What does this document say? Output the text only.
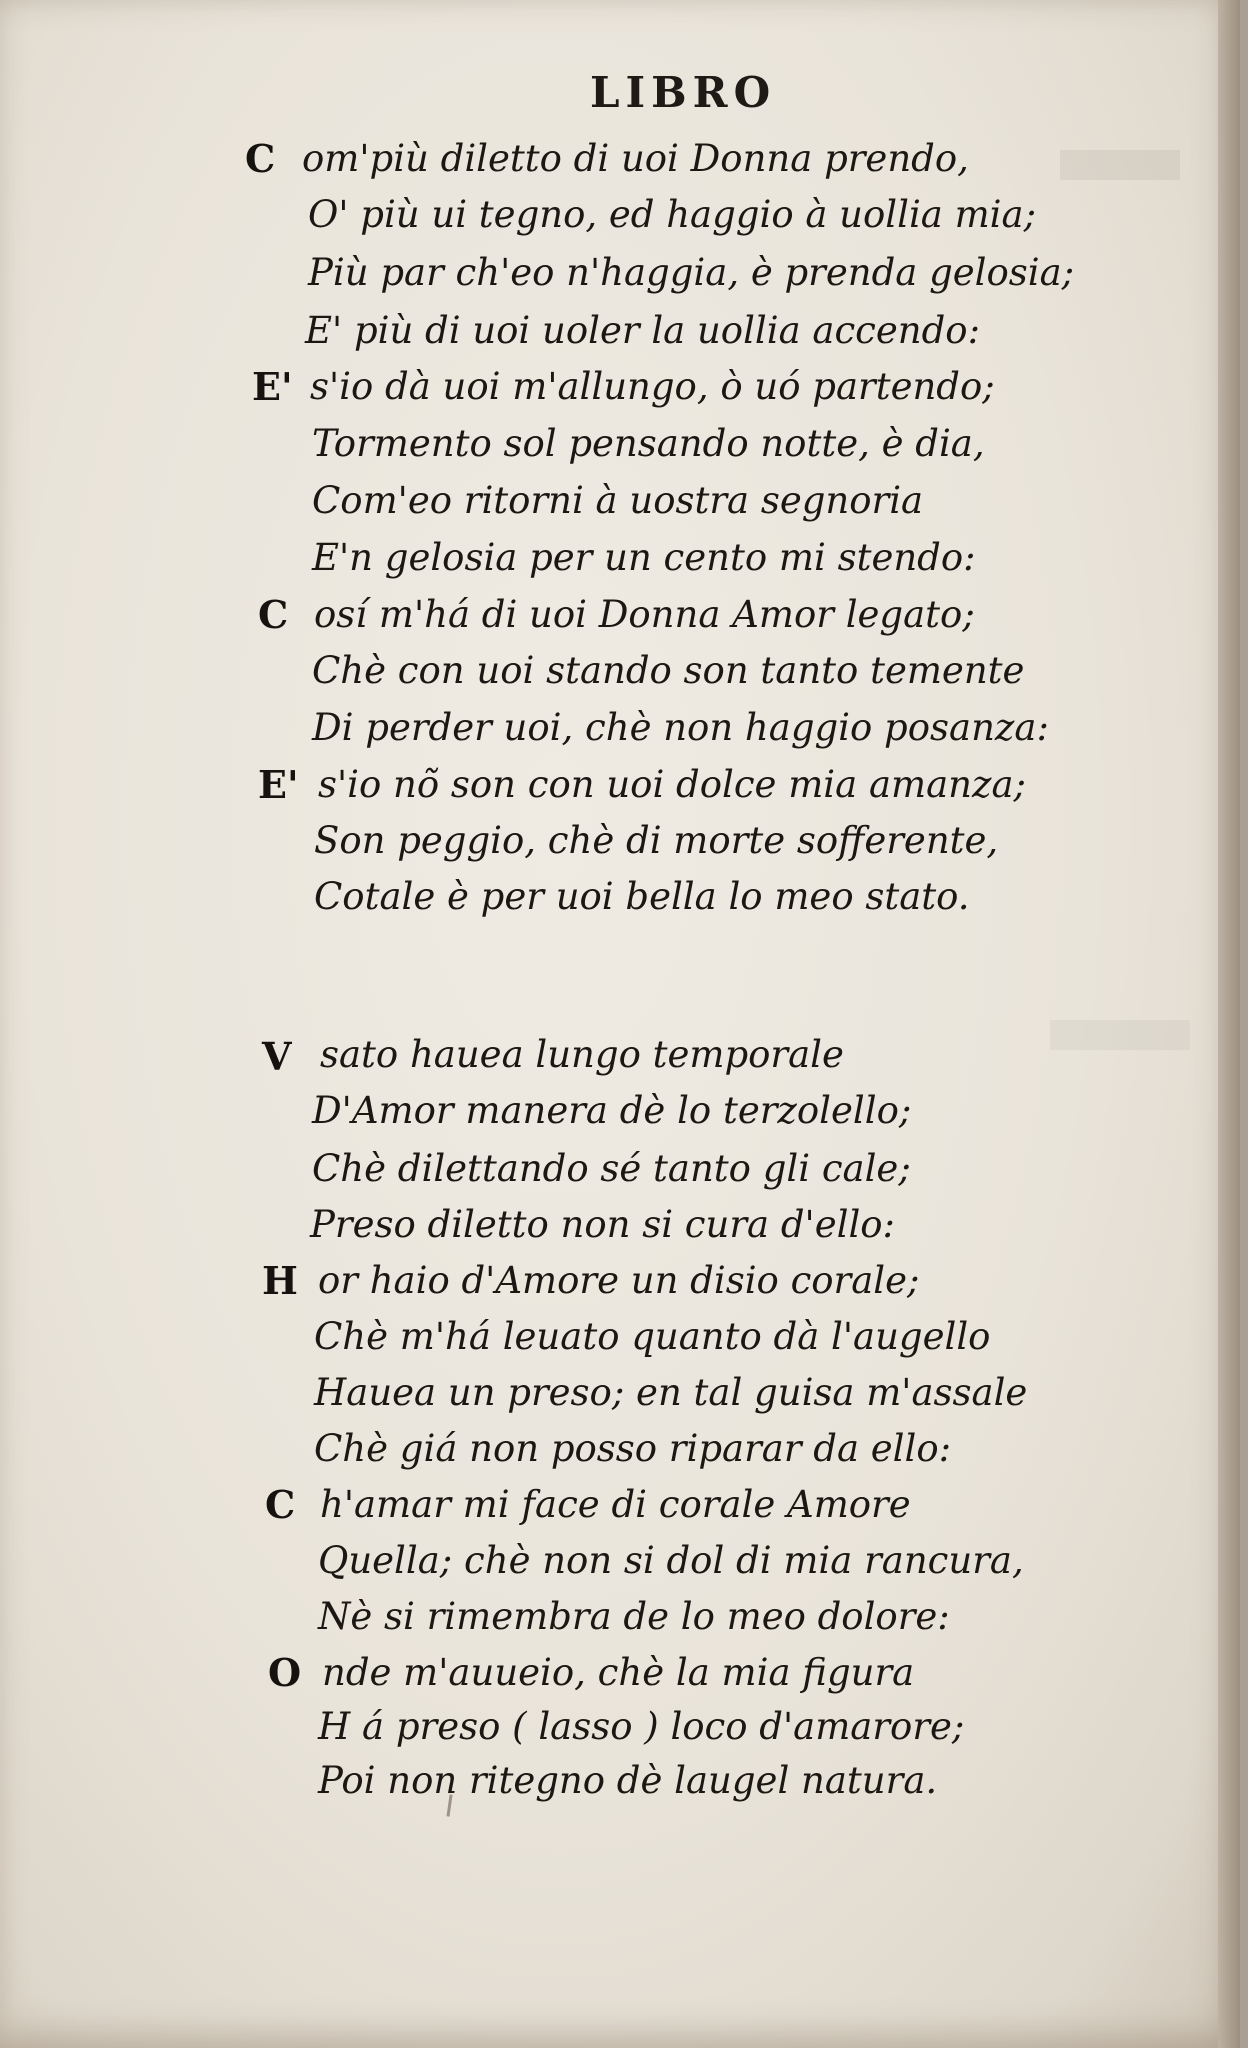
LIBRO
C om'più diletto di uoi Donna prendo,
O' più ui tegno, ed haggio à uollia mia;
Più par ch'eo n'haggia, è prenda gelosia;
E' più di uoi uoler la uollia accendo:
E' s'io dà uoi m'allungo, ò uó partendo;
Tormento sol pensando notte, è dia,
Com'eo ritorni à uostra segnoria
E'n gelosia per un cento mi stendo:
C osí m'há di uoi Donna Amor legato;
Chè con uoi stando son tanto temente
Di perder uoi, chè non haggio posanza:
E' s'io nõ son con uoi dolce mia amanza;
Son peggio, chè di morte sofferente,
Cotale è per uoi bella lo meo stato.
V sato hauea lungo temporale
D'Amor manera dè lo terzolello;
Chè dilettando sé tanto gli cale;
Preso diletto non si cura d'ello:
H or haio d'Amore un disio corale;
Chè m'há leuato quanto dà l'augello
Hauea un preso; en tal guisa m'assale
Chè giá non posso riparar da ello:
C h'amar mi face di corale Amore
Quella; chè non si dol di mia rancura,
Nè si rimembra de lo meo dolore:
O nde m'auueio, chè la mia figura
H á preso ( lasso ) loco d'amarore;
Poi non ritegno dè laugel natura.
